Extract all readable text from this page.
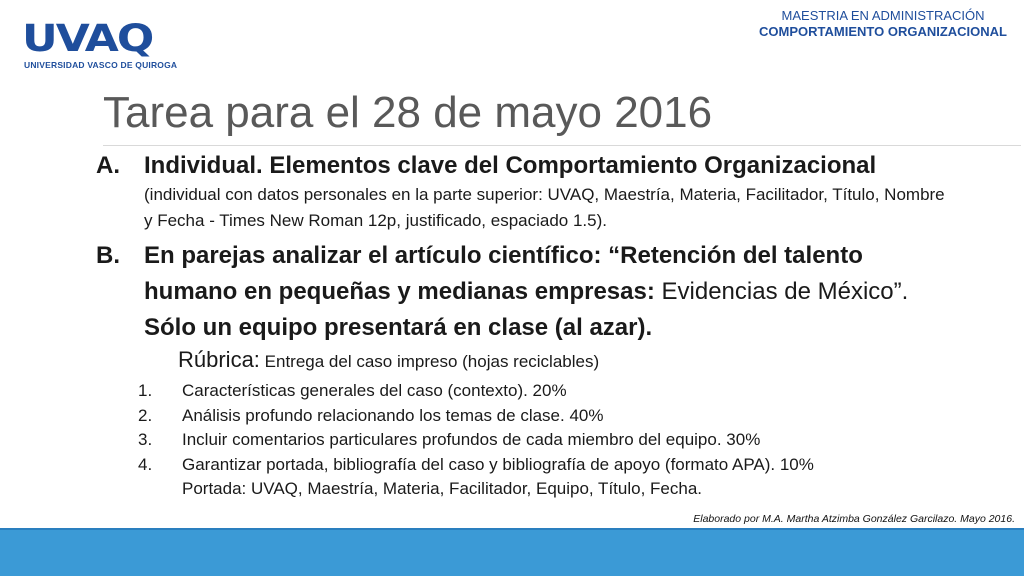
UVAQ
UNIVERSIDAD VASCO DE QUIROGA
MAESTRIA EN ADMINISTRACIÓN
COMPORTAMIENTO ORGANIZACIONAL
Tarea para el 28 de mayo 2016
A. Individual. Elementos clave del Comportamiento Organizacional
(individual con datos personales en la parte superior: UVAQ, Maestría, Materia, Facilitador, Título, Nombre y Fecha - Times New Roman 12p, justificado, espaciado 1.5).
B. En parejas analizar el artículo científico: “Retención del talento humano en pequeñas y medianas empresas: Evidencias de México”. Sólo un equipo presentará en clase (al azar).
Rúbrica: Entrega del caso impreso (hojas reciclables)
1. Características generales del caso (contexto). 20%
2. Análisis profundo relacionando los temas de clase. 40%
3. Incluir comentarios particulares profundos de cada miembro del equipo. 30%
4. Garantizar portada, bibliografía del caso y bibliografía de apoyo (formato APA). 10%
Portada: UVAQ, Maestría, Materia, Facilitador, Equipo, Título, Fecha.
Elaborado por M.A. Martha Atzimba González Garcilazo. Mayo 2016.
